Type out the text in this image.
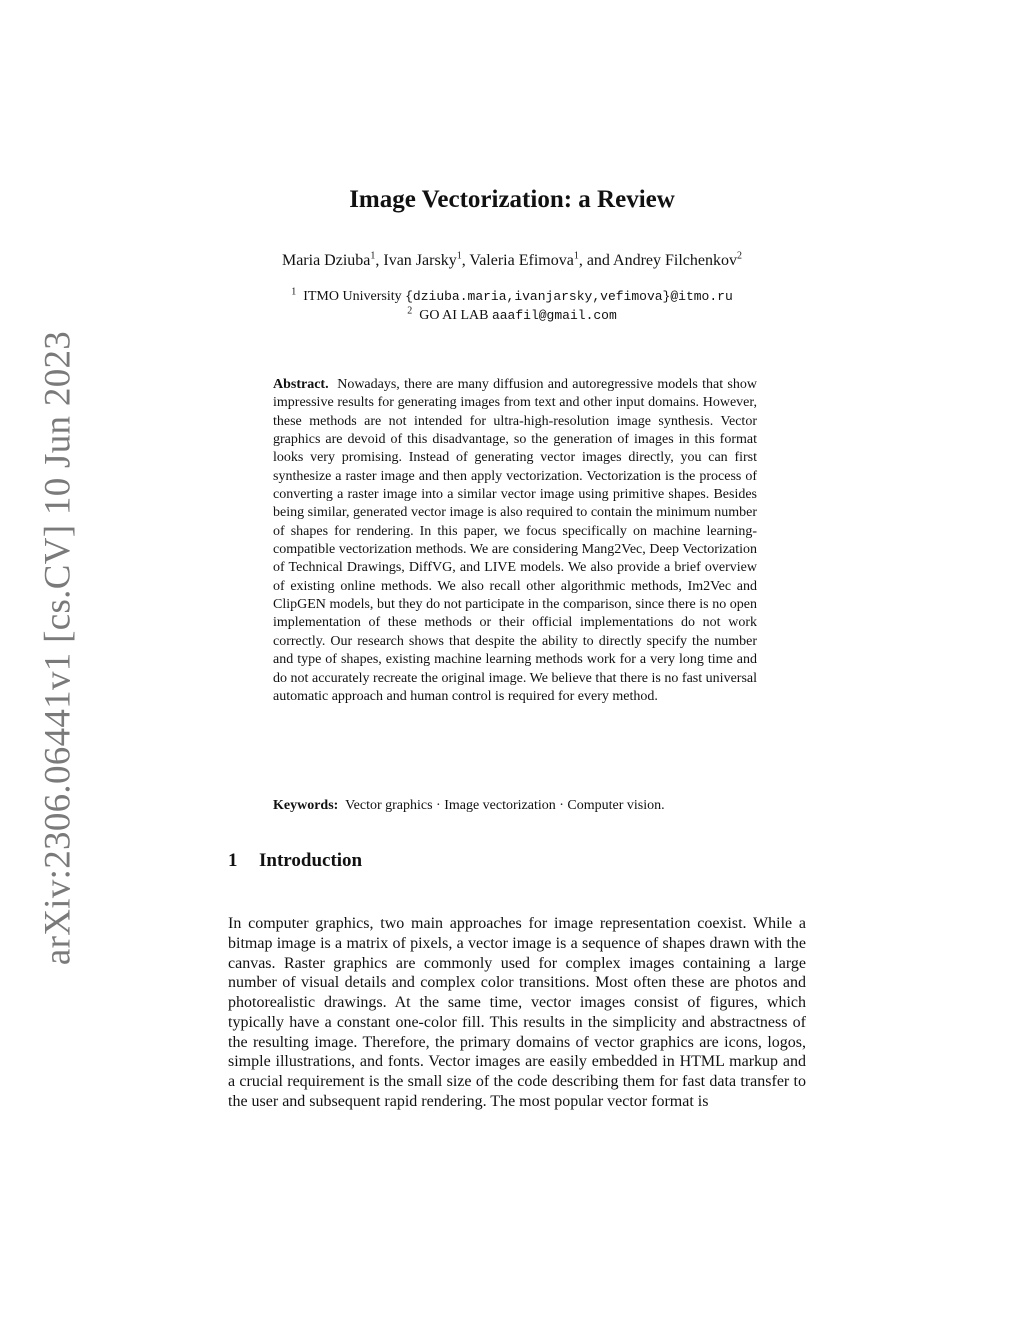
arXiv:2306.06441v1 [cs.CV] 10 Jun 2023
Image Vectorization: a Review
Maria Dziuba$^1$, Ivan Jarsky$^1$, Valeria Efimova$^1$, and Andrey Filchenkov$^2$
$^1$ ITMO University {dziuba.maria,ivanjarsky,vefimova}@itmo.ru
$^2$ GO AI LAB aaafil@gmail.com

Abstract. Nowadays, there are many diffusion and autoregressive models that show impressive results for generating images from text and other input domains. However, these methods are not intended for ultra-high-resolution image synthesis. Vector graphics are devoid of this disadvantage, so the generation of images in this format looks very promising. Instead of generating vector images directly, you can first synthesize a raster image and then apply vectorization. Vectorization is the process of converting a raster image into a similar vector image using primitive shapes. Besides being similar, generated vector image is also required to contain the minimum number of shapes for rendering. In this paper, we focus specifically on machine learning-compatible vectorization methods. We are considering Mang2Vec, Deep Vectorization of Technical Drawings, DiffVG, and LIVE models. We also provide a brief overview of existing online methods. We also recall other algorithmic methods, Im2Vec and ClipGEN models, but they do not participate in the comparison, since there is no open implementation of these methods or their official implementations do not work correctly. Our research shows that despite the ability to directly specify the number and type of shapes, existing machine learning methods work for a very long time and do not accurately recreate the original image. We believe that there is no fast universal automatic approach and human control is required for every method.

Keywords: Vector graphics · Image vectorization · Computer vision.

1 Introduction

In computer graphics, two main approaches for image representation coexist. While a bitmap image is a matrix of pixels, a vector image is a sequence of shapes drawn with the canvas. Raster graphics are commonly used for complex images containing a large number of visual details and complex color transitions. Most often these are photos and photorealistic drawings. At the same time, vector images consist of figures, which typically have a constant one-color fill. This results in the simplicity and abstractness of the resulting image. Therefore, the primary domains of vector graphics are icons, logos, simple illustrations, and fonts. Vector images are easily embedded in HTML markup and a crucial requirement is the small size of the code describing them for fast data transfer to the user and subsequent rapid rendering. The most popular vector format is
